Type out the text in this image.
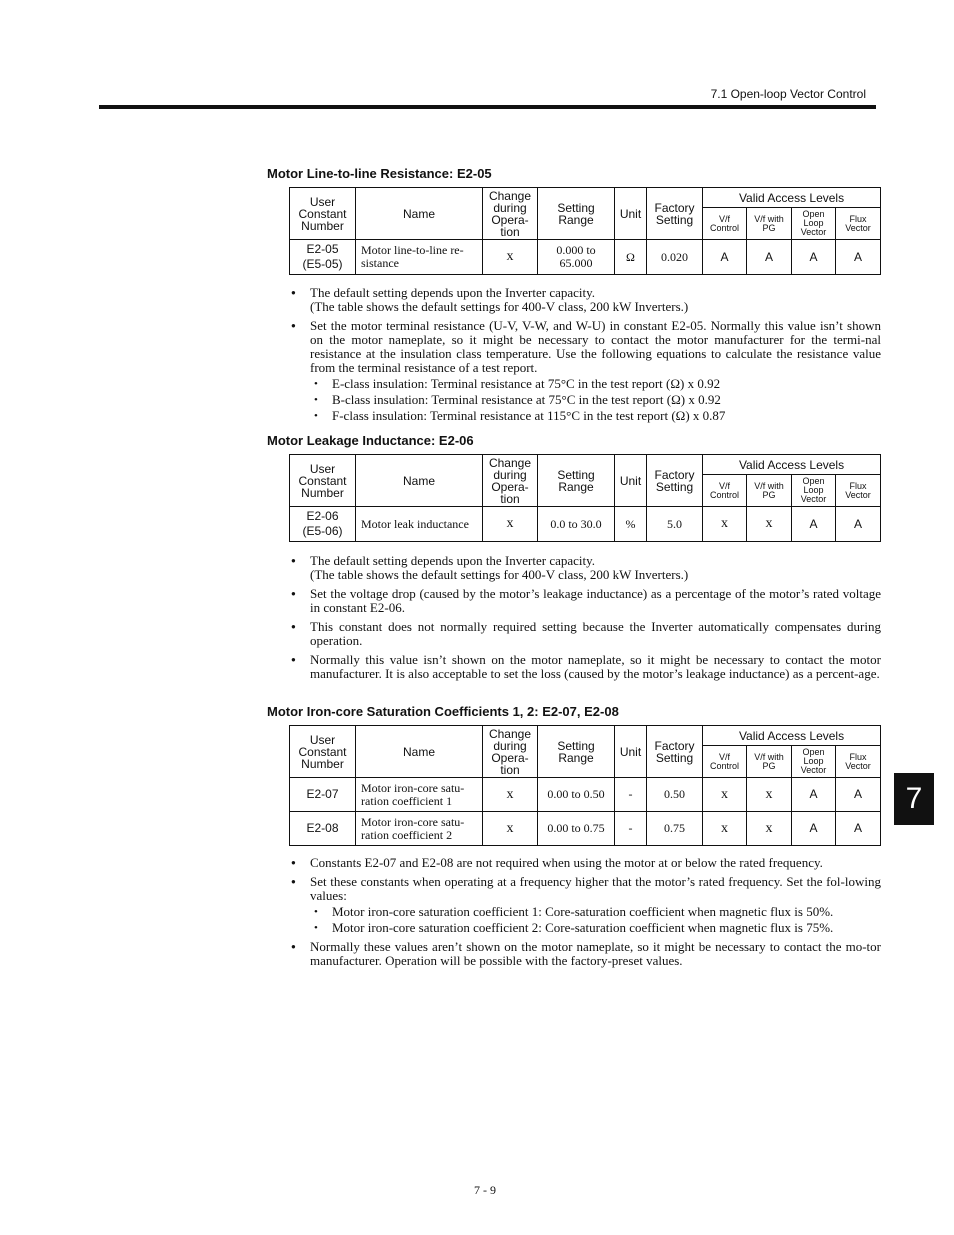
7.1 Open-loop Vector Control
7
Motor Line-to-line Resistance: E2-05
User
Constant
Number	Name	Change
during
Opera-
tion	Setting
Range	Unit	Factory
Setting	Valid Access Levels			
						V/f
Control	V/f with
PG	Open
Loop
Vector	Flux
Vector
E2-05
(E5-05)	Motor line-to-line re-
sistance	x	0.000 to
65.000	Ω	0.020	A	A	A	A
● The default setting depends upon the Inverter capacity.
(The table shows the default settings for 400-V class, 200 kW Inverters.)
● Set the motor terminal resistance (U-V, V-W, and W-U) in constant E2-05. Normally this value isn’t shown on the motor nameplate, so it might be necessary to contact the motor manufacturer for the termi-nal resistance at the insulation class temperature. Use the following equations to calculate the resistance value from the terminal resistance of a test report.
• E-class insulation: Terminal resistance at 75°C in the test report (Ω) x 0.92
• B-class insulation: Terminal resistance at 75°C in the test report (Ω) x 0.92
• F-class insulation: Terminal resistance at 115°C in the test report (Ω) x 0.87
Motor Leakage Inductance: E2-06
User
Constant
Number	Name	Change
during
Opera-
tion	Setting
Range	Unit	Factory
Setting	Valid Access Levels			
						V/f
Control	V/f with
PG	Open
Loop
Vector	Flux
Vector
E2-06
(E5-06)	Motor leak inductance	x	0.0 to 30.0	%	5.0	x	x	A	A
● The default setting depends upon the Inverter capacity.
(The table shows the default settings for 400-V class, 200 kW Inverters.)
● Set the voltage drop (caused by the motor’s leakage inductance) as a percentage of the motor’s rated voltage in constant E2-06.
● This constant does not normally required setting because the Inverter automatically compensates during operation.
● Normally this value isn’t shown on the motor nameplate, so it might be necessary to contact the motor manufacturer. It is also acceptable to set the loss (caused by the motor’s leakage inductance) as a percent-age.
Motor Iron-core Saturation Coefficients 1, 2: E2-07, E2-08
User
Constant
Number	Name	Change
during
Opera-
tion	Setting
Range	Unit	Factory
Setting	Valid Access Levels			
						V/f
Control	V/f with
PG	Open
Loop
Vector	Flux
Vector
E2-07	Motor iron-core satu-
ration coefficient 1	x	0.00 to 0.50	-	0.50	x	x	A	A
E2-08	Motor iron-core satu-
ration coefficient 2	x	0.00 to 0.75	-	0.75	x	x	A	A
● Constants E2-07 and E2-08 are not required when using the motor at or below the rated frequency.
● Set these constants when operating at a frequency higher that the motor’s rated frequency. Set the fol-lowing values:
• Motor iron-core saturation coefficient 1: Core-saturation coefficient when magnetic flux is 50%.
• Motor iron-core saturation coefficient 2: Core-saturation coefficient when magnetic flux is 75%.
● Normally these values aren’t shown on the motor nameplate, so it might be necessary to contact the mo-tor manufacturer. Operation will be possible with the factory-preset values.
7 - 9
